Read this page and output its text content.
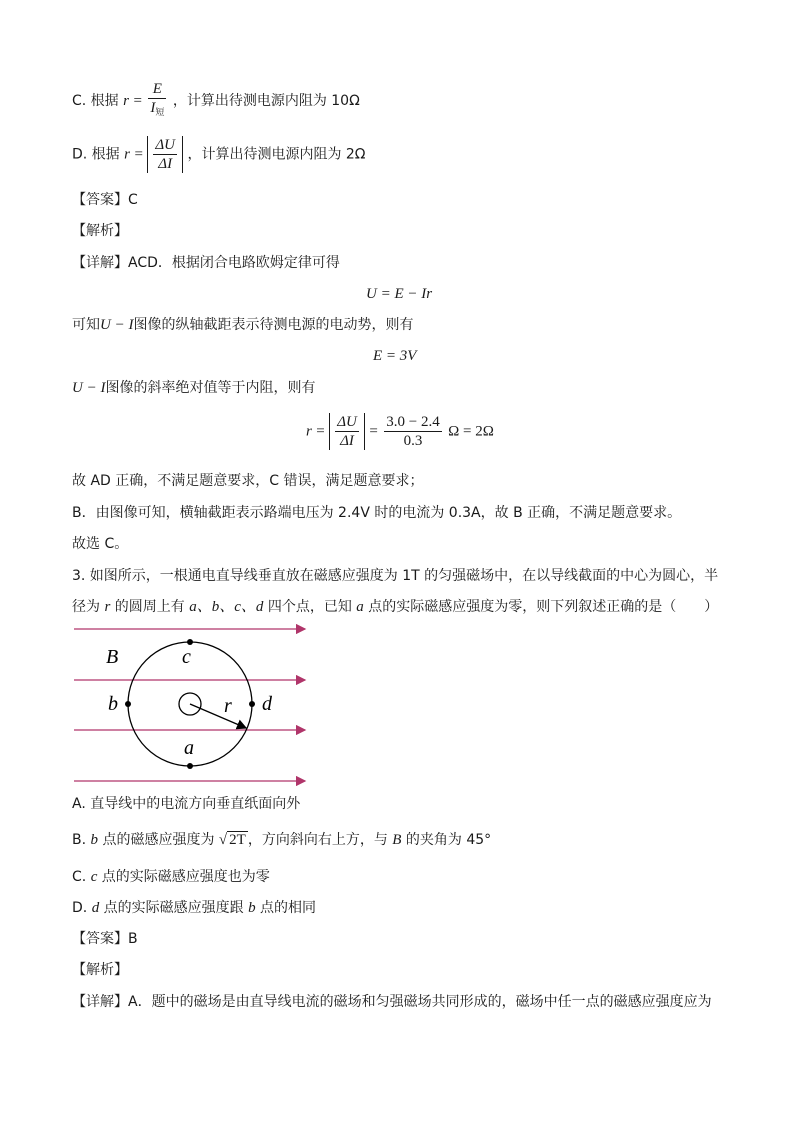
C. 根据 $r = \frac{E}{I_短}$ ，计算出待测电源内阻为 10Ω
D. 根据 $r = \frac{\Delta U}{\Delta I}$ ，计算出待测电源内阻为 2Ω
【答案】C
【解析】
【详解】ACD．根据闭合电路欧姆定律可得
U = E − Ir
可知U − I图像的纵轴截距表示待测电源的电动势，则有
E = 3V
U − I图像的斜率绝对值等于内阻，则有
$r = \frac{\Delta U}{\Delta I} = \frac{3.0 - 2.4}{0.3}$ Ω = 2Ω
故 AD 正确，不满足题意要求，C 错误，满足题意要求；
B．由图像可知，横轴截距表示路端电压为 2.4V 时的电流为 0.3A，故 B 正确，不满足题意要求。
故选 C。
3. 如图所示，一根通电直导线垂直放在磁感应强度为 1T 的匀强磁场中，在以导线截面的中心为圆心，半
径为 r 的圆周上有 a、b、c、d 四个点，已知 a 点的实际磁感应强度为零，则下列叙述正确的是（　　）
B	c
b	r d
a
A. 直导线中的电流方向垂直纸面向外
B. b 点的磁感应强度为 √ 2T ，方向斜向右上方，与 B 的夹角为 45°
C. c 点的实际磁感应强度也为零
D. d 点的实际磁感应强度跟 b 点的相同
【答案】B
【解析】
【详解】A．题中的磁场是由直导线电流的磁场和匀强磁场共同形成的，磁场中任一点的磁感应强度应为
